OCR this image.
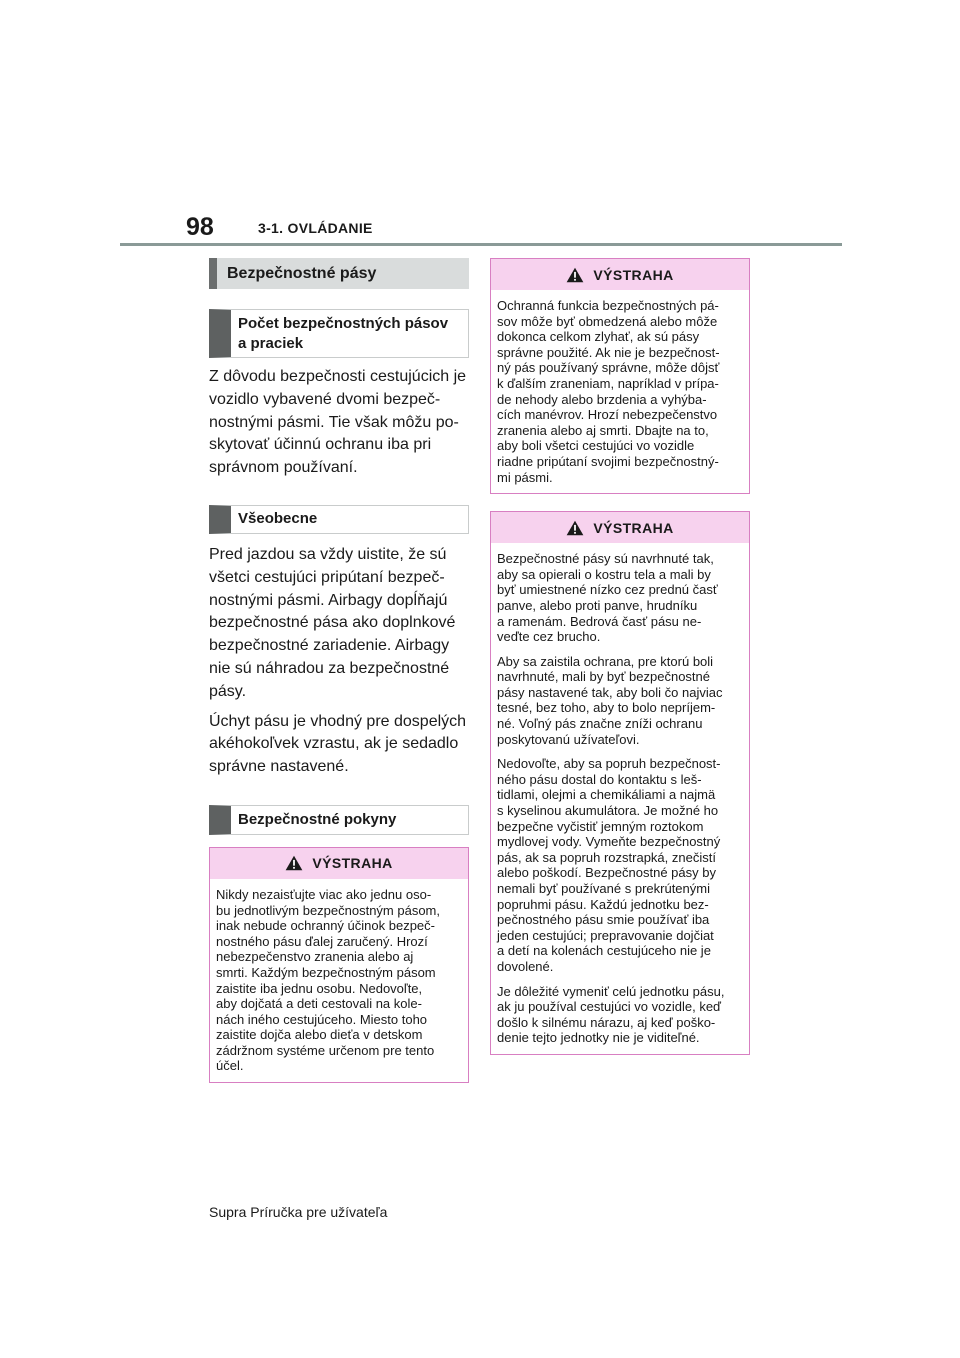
98	3-1. OVLÁDANIE
Bezpečnostné pásy
Počet bezpečnostných pásov
a praciek

Z dôvodu bezpečnosti cestujúcich je
vozidlo vybavené dvomi bezpeč-
nostnými pásmi. Tie však môžu po-
skytovať účinnú ochranu iba pri
správnom používaní.

Všeobecne

Pred jazdou sa vždy uistite, že sú
všetci cestujúci pripútaní bezpeč-
nostnými pásmi. Airbagy dopĺňajú
bezpečnostné pása ako doplnkové
bezpečnostné zariadenie. Airbagy
nie sú náhradou za bezpečnostné
pásy.

Úchyt pásu je vhodný pre dospelých
akéhokoľvek vzrastu, ak je sedadlo
správne nastavené.

Bezpečnostné pokyny
VÝSTRAHA

Nikdy nezaisťujte viac ako jednu oso-
bu jednotlivým bezpečnostným pásom,
inak nebude ochranný účinok bezpeč-
nostného pásu ďalej zaručený. Hrozí
nebezpečenstvo zranenia alebo aj
smrti. Každým bezpečnostným pásom
zaistite iba jednu osobu. Nedovoľte,
aby dojčatá a deti cestovali na kole-
nách iného cestujúceho. Miesto toho
zaistite dojča alebo dieťa v detskom
zádržnom systéme určenom pre tento
účel.

VÝSTRAHA

Ochranná funkcia bezpečnostných pá-
sov môže byť obmedzená alebo môže
dokonca celkom zlyhať, ak sú pásy
správne použité. Ak nie je bezpečnost-
ný pás používaný správne, môže dôjsť
k ďalším zraneniam, napríklad v prípa-
de nehody alebo brzdenia a vyhýba-
cích manévrov. Hrozí nebezpečenstvo
zranenia alebo aj smrti. Dbajte na to,
aby boli všetci cestujúci vo vozidle
riadne pripútaní svojimi bezpečnostný-
mi pásmi.

VÝSTRAHA

Bezpečnostné pásy sú navrhnuté tak,
aby sa opierali o kostru tela a mali by
byť umiestnené nízko cez prednú časť
panve, alebo proti panve, hrudníku
a ramenám. Bedrová časť pásu ne-
veďte cez brucho.

Aby sa zaistila ochrana, pre ktorú boli
navrhnuté, mali by byť bezpečnostné
pásy nastavené tak, aby boli čo najviac
tesné, bez toho, aby to bolo nepríjem-
né. Voľný pás značne zníži ochranu
poskytovanú užívateľovi.

Nedovoľte, aby sa popruh bezpečnost-
ného pásu dostal do kontaktu s leš-
tidlami, olejmi a chemikáliami a najmä
s kyselinou akumulátora. Je možné ho
bezpečne vyčistiť jemným roztokom
mydlovej vody. Vymeňte bezpečnostný
pás, ak sa popruh rozstrapká, znečistí
alebo poškodí. Bezpečnostné pásy by
nemali byť používané s prekrútenými
popruhmi pásu. Každú jednotku bez-
pečnostného pásu smie používať iba
jeden cestujúci; prepravovanie dojčiat
a detí na kolenách cestujúceho nie je
dovolené.

Je dôležité vymeniť celú jednotku pásu,
ak ju používal cestujúci vo vozidle, keď
došlo k silnému nárazu, aj keď poško-
denie tejto jednotky nie je viditeľné.

Supra Príručka pre užívateľa
